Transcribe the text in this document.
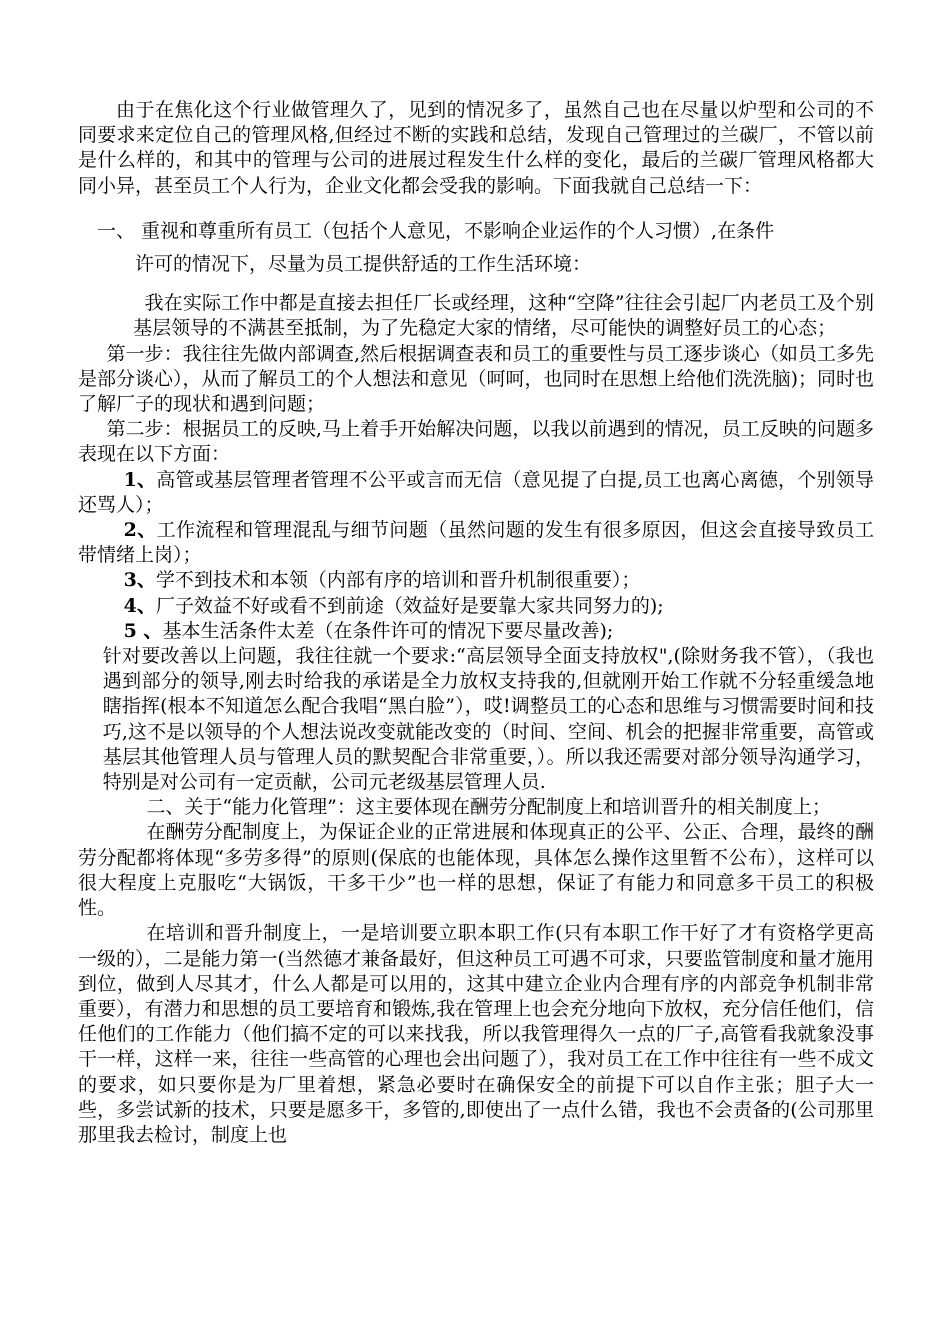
由于在焦化这个行业做管理久了，见到的情况多了，虽然自己也在尽量以炉型和公司的不同要求来定位自己的管理风格,但经过不断的实践和总结，发现自己管理过的兰碳厂，不管以前是什么样的，和其中的管理与公司的进展过程发生什么样的变化，最后的兰碳厂管理风格都大同小异，甚至员工个人行为，企业文化都会受我的影响。下面我就自己总结一下：

一、 重视和尊重所有员工（包括个人意见，不影响企业运作的个人习惯）,在条件
许可的情况下，尽量为员工提供舒适的工作生活环境：

我在实际工作中都是直接去担任厂长或经理，这种“空降”往往会引起厂内老员工及个别基层领导的不满甚至抵制，为了先稳定大家的情绪，尽可能快的调整好员工的心态；

第一步：我往往先做内部调查,然后根据调查表和员工的重要性与员工逐步谈心（如员工多先是部分谈心），从而了解员工的个人想法和意见（呵呵，也同时在思想上给他们洗洗脑)；同时也了解厂子的现状和遇到问题；

第二步：根据员工的反映,马上着手开始解决问题，以我以前遇到的情况，员工反映的问题多表现在以下方面：

1、高管或基层管理者管理不公平或言而无信（意见提了白提,员工也离心离德，个别领导还骂人）；

2、工作流程和管理混乱与细节问题（虽然问题的发生有很多原因，但这会直接导致员工带情绪上岗）；

3、学不到技术和本领（内部有序的培训和晋升机制很重要）；

4、厂子效益不好或看不到前途（效益好是要靠大家共同努力的);

5 、基本生活条件太差（在条件许可的情况下要尽量改善);

针对要改善以上问题，我往往就一个要求:“高层领导全面支持放权",(除财务我不管），（我也遇到部分的领导,刚去时给我的承诺是全力放权支持我的,但就刚开始工作就不分轻重缓急地瞎指挥(根本不知道怎么配合我唱“黑白脸”），哎!调整员工的心态和思维与习惯需要时间和技巧,这不是以领导的个人想法说改变就能改变的（时间、空间、机会的把握非常重要，高管或基层其他管理人员与管理人员的默契配合非常重要，）。所以我还需要对部分领导沟通学习，特别是对公司有一定贡献，公司元老级基层管理人员.

二、关于“能力化管理”：这主要体现在酬劳分配制度上和培训晋升的相关制度上；

在酬劳分配制度上，为保证企业的正常进展和体现真正的公平、公正、合理，最终的酬劳分配都将体现“多劳多得”的原则(保底的也能体现，具体怎么操作这里暂不公布），这样可以很大程度上克服吃“大锅饭，干多干少”也一样的思想，保证了有能力和同意多干员工的积极性。

在培训和晋升制度上，一是培训要立职本职工作(只有本职工作干好了才有资格学更高一级的），二是能力第一(当然德才兼备最好，但这种员工可遇不可求，只要监管制度和量才施用到位，做到人尽其才，什么人都是可以用的，这其中建立企业内合理有序的内部竞争机制非常重要），有潜力和思想的员工要培育和锻炼,我在管理上也会充分地向下放权，充分信任他们，信任他们的工作能力（他们搞不定的可以来找我，所以我管理得久一点的厂子,高管看我就象没事干一样，这样一来，往往一些高管的心理也会出问题了），我对员工在工作中往往有一些不成文的要求，如只要你是为厂里着想，紧急必要时在确保安全的前提下可以自作主张；胆子大一些，多尝试新的技术，只要是愿多干，多管的,即使出了一点什么错，我也不会责备的(公司那里那里我去检讨，制度上也
